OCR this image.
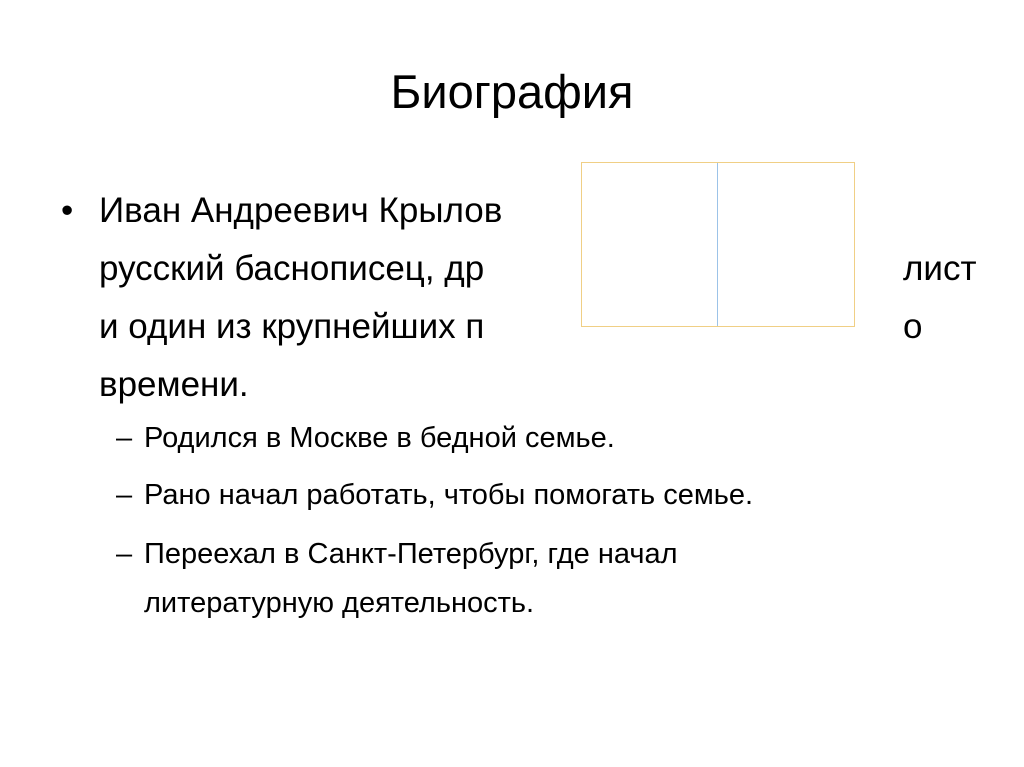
Биография
• Иван Андреевич Крылов
русский баснописец, др	лист
и один из крупнейших п	о
времени.
– Родился в Москве в бедной семье.
– Рано начал работать, чтобы помогать семье.
– Переехал в Санкт-Петербург, где начал
литературную деятельность.
